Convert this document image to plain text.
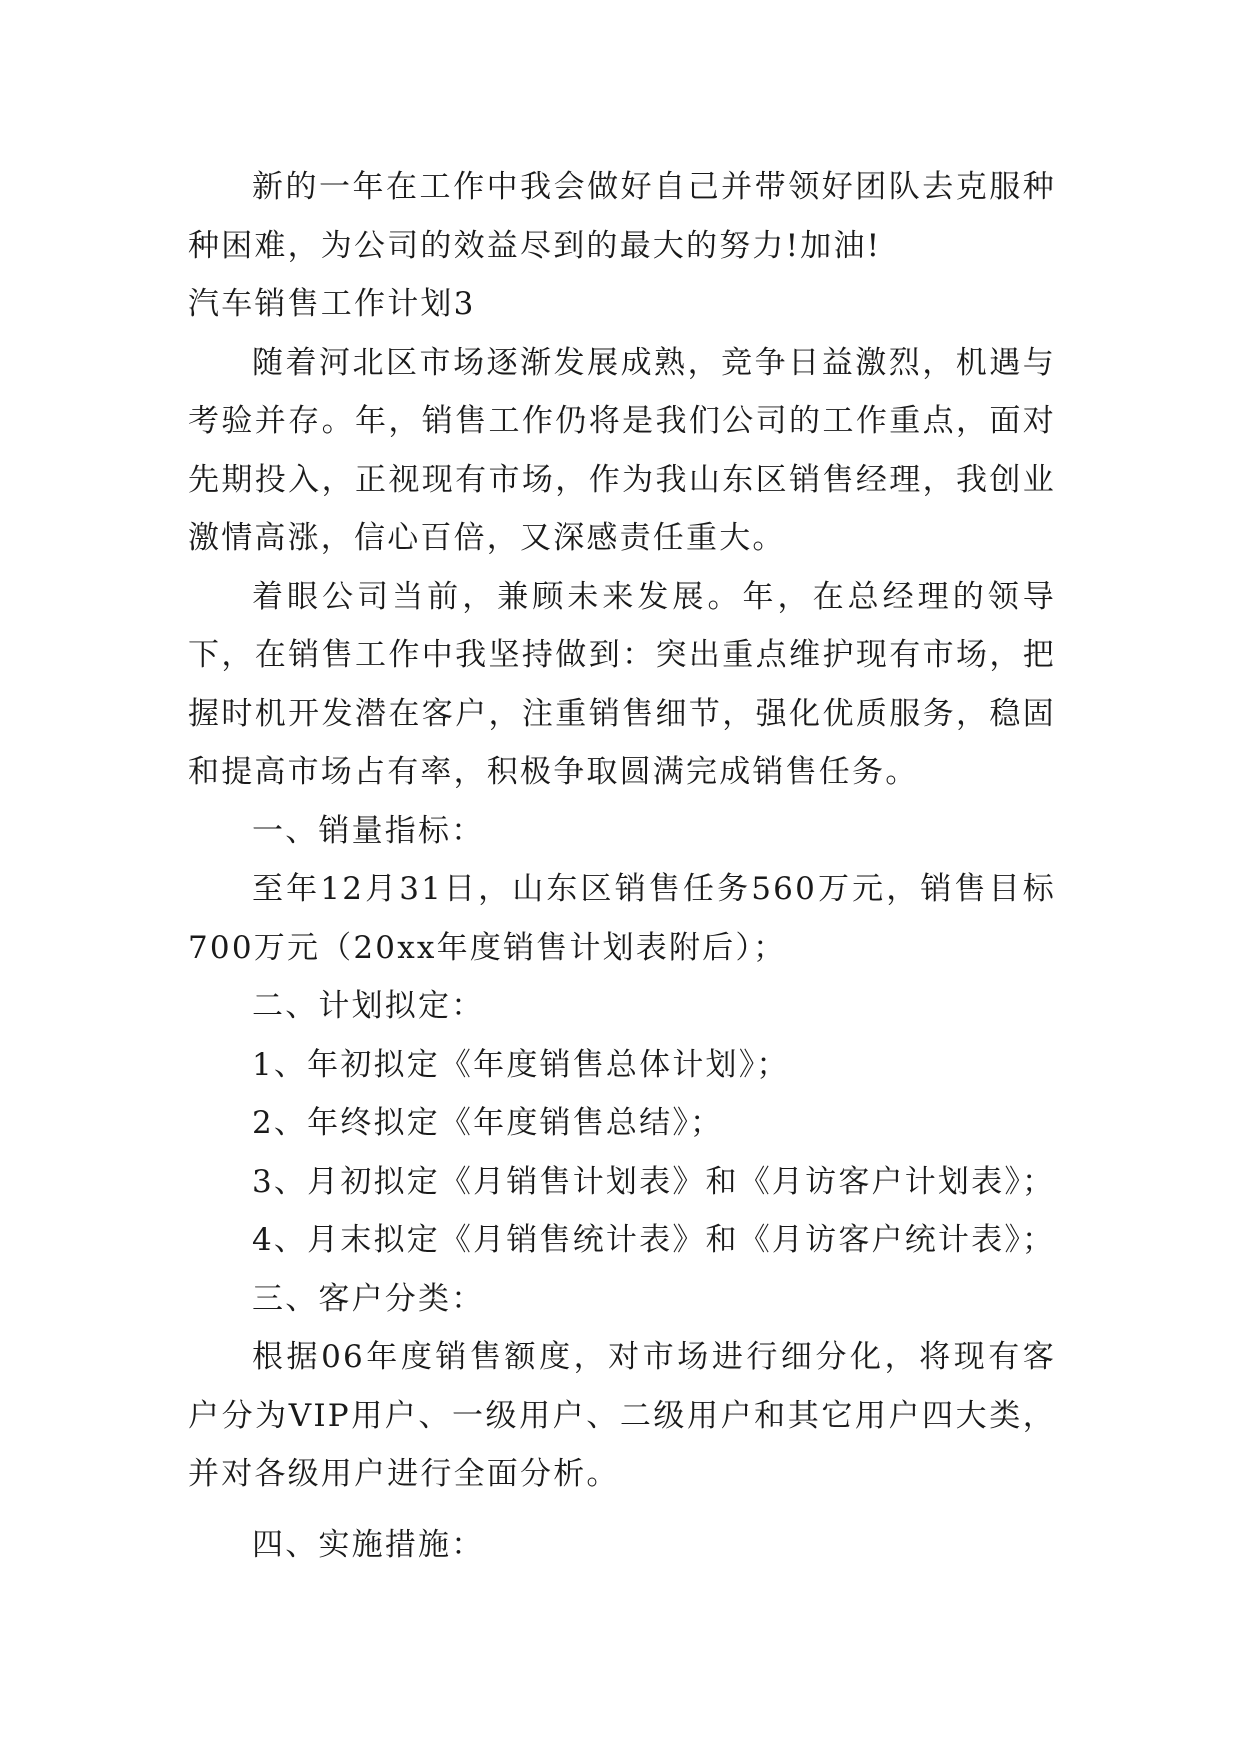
新的一年在工作中我会做好自己并带领好团队去克服种种困难，为公司的效益尽到的最大的努力!加油!

汽车销售工作计划3

随着河北区市场逐渐发展成熟，竞争日益激烈，机遇与考验并存。年，销售工作仍将是我们公司的工作重点，面对先期投入，正视现有市场，作为我山东区销售经理，我创业激情高涨，信心百倍，又深感责任重大。

着眼公司当前，兼顾未来发展。年，在总经理的领导下，在销售工作中我坚持做到：突出重点维护现有市场，把握时机开发潜在客户，注重销售细节，强化优质服务，稳固和提高市场占有率，积极争取圆满完成销售任务。

一、销量指标：

至年12月31日，山东区销售任务560万元，销售目标700万元（20xx年度销售计划表附后）；

二、计划拟定：

1、年初拟定《年度销售总体计划》；

2、年终拟定《年度销售总结》；

3、月初拟定《月销售计划表》和《月访客户计划表》；

4、月末拟定《月销售统计表》和《月访客户统计表》；

三、客户分类：

根据06年度销售额度，对市场进行细分化，将现有客户分为VIP用户、一级用户、二级用户和其它用户四大类，并对各级用户进行全面分析。

四、实施措施：
